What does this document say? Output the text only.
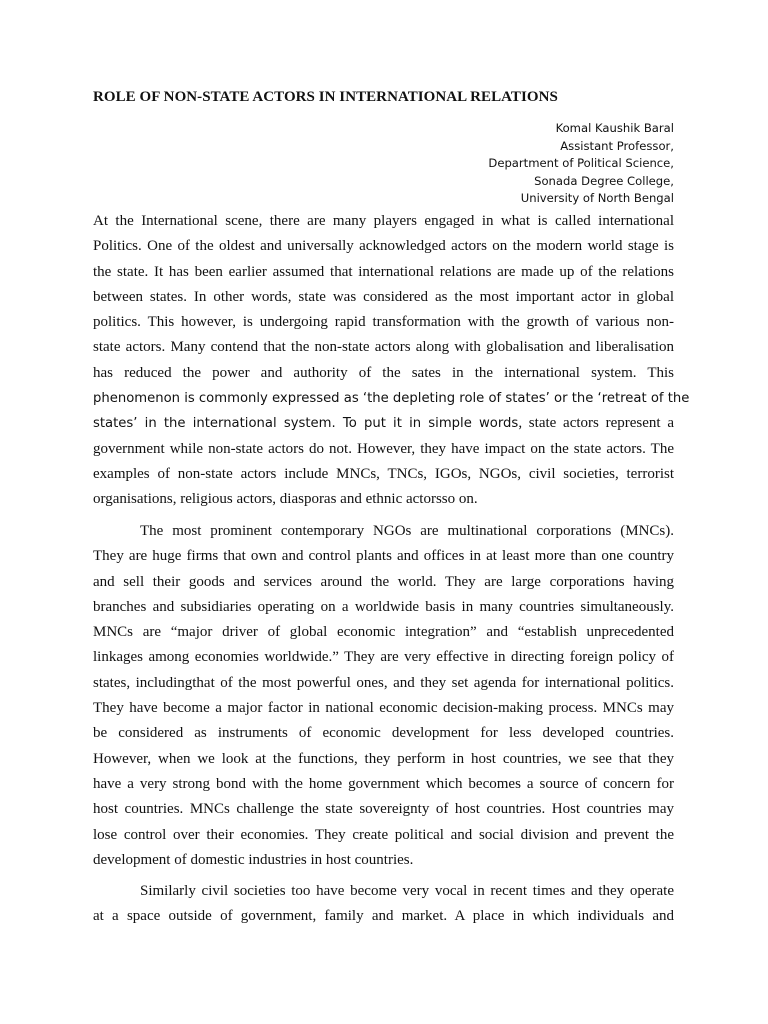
ROLE OF NON-STATE ACTORS IN INTERNATIONAL RELATIONS
Komal Kaushik Baral
Assistant Professor,
Department of Political Science,
Sonada Degree College,
University of North Bengal
At the International scene, there are many players engaged in what is called international
Politics. One of the oldest and universally acknowledged actors on the modern world stage is
the state. It has been earlier assumed that international relations are made up of the relations
between states. In other words, state was considered as the most important actor in global
politics. This however, is undergoing rapid transformation with the growth of various non-
state actors. Many contend that the non-state actors along with globalisation and liberalisation
has reduced the power and authority of the sates in the international system. This
phenomenon is commonly expressed as ‘the depleting role of states’ or the ‘retreat of the
states’ in the international system. To put it in simple words, state actors represent a
government while non-state actors do not. However, they have impact on the state actors. The
examples of non-state actors include MNCs, TNCs, IGOs, NGOs, civil societies, terrorist
organisations, religious actors, diasporas and ethnic actorsso on.
The most prominent contemporary NGOs are multinational corporations (MNCs).
They are huge firms that own and control plants and offices in at least more than one country
and sell their goods and services around the world. They are large corporations having
branches and subsidiaries operating on a worldwide basis in many countries simultaneously.
MNCs are “major driver of global economic integration” and “establish unprecedented
linkages among economies worldwide.” They are very effective in directing foreign policy of
states, includingthat of the most powerful ones, and they set agenda for international politics.
They have become a major factor in national economic decision-making process. MNCs may
be considered as instruments of economic development for less developed countries.
However, when we look at the functions, they perform in host countries, we see that they
have a very strong bond with the home government which becomes a source of concern for
host countries. MNCs challenge the state sovereignty of host countries. Host countries may
lose control over their economies. They create political and social division and prevent the
development of domestic industries in host countries.
Similarly civil societies too have become very vocal in recent times and they operate
at a space outside of government, family and market. A place in which individuals and
